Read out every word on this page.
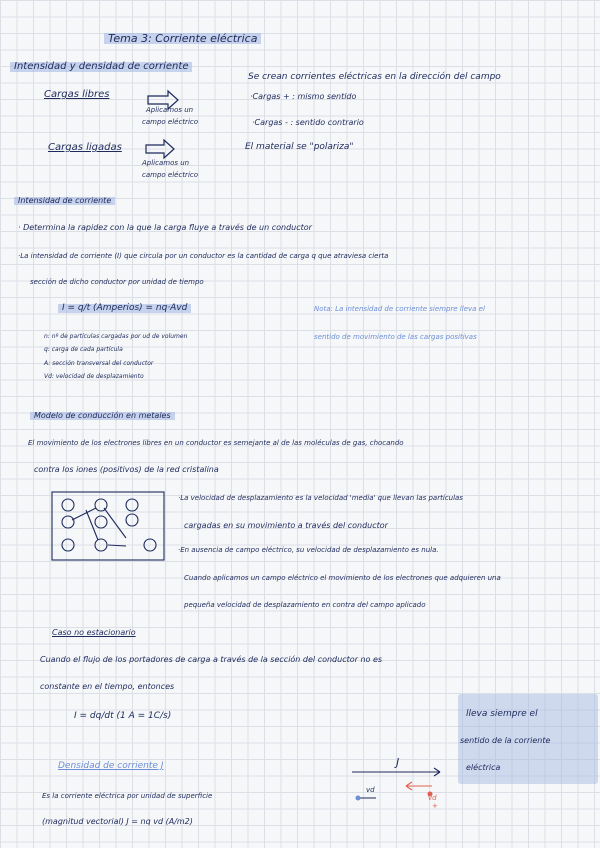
Tema 3: Corriente eléctrica
Intensidad y densidad de corriente
Cargas libres
Aplicamos un
campo eléctrico
Cargas ligadas
Aplicamos un
campo eléctrico
Se crean corrientes eléctricas en la dirección del campo
·Cargas + : mismo sentido
·Cargas - : sentido contrario
El material se "polariza"
Intensidad de corriente
· Determina la rapidez con la que la carga fluye a través de un conductor
·La intensidad de corriente (I) que circula por un conductor es la cantidad de carga q que atraviesa cierta
sección de dicho conductor por unidad de tiempo
I = q/t (Amperios) = nq·Avd
n: nº de partículas cargadas por ud de volumen
q: carga de cada partícula
A: sección transversal del conductor
Vd: velocidad de desplazamiento
Nota: La intensidad de corriente siempre lleva el
sentido de movimiento de las cargas positivas
Modelo de conducción en metales
El movimiento de los electrones libres en un conductor es semejante al de las moléculas de gas, chocando
contra los iones (positivos) de la red cristalina
·La velocidad de desplazamiento es la velocidad 'media' que llevan las partículas
cargadas en su movimiento a través del conductor
·En ausencia de campo eléctrico, su velocidad de desplazamiento es nula.
Cuando aplicamos un campo eléctrico el movimiento de los electrones que adquieren una
pequeña velocidad de desplazamiento en contra del campo aplicado
Caso no estacionario
Cuando el flujo de los portadores de carga a través de la sección del conductor no es
constante en el tiempo, entonces
I = dq/dt (1 A = 1C/s)	lleva siempre el
sentido de la corriente
eléctrica
Densidad de corriente J
Es la corriente eléctrica por unidad de superficie
(magnitud vectorial) J = nq vd (A/m2)
J
vd
vd
+
